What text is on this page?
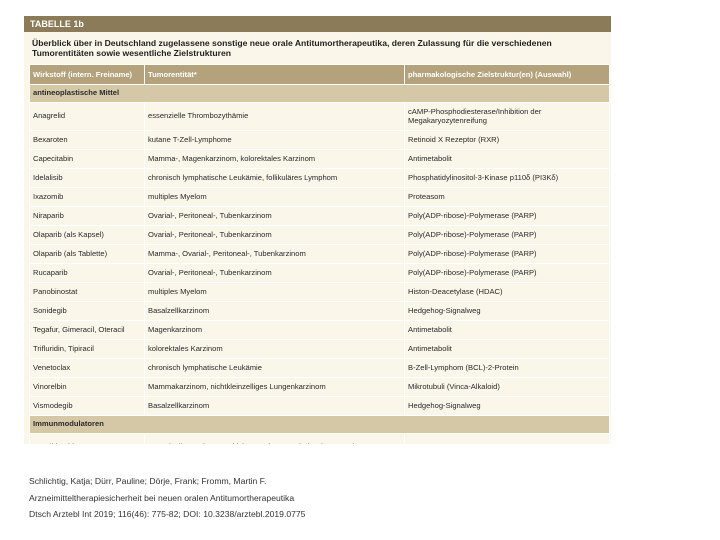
TABELLE 1b
Überblick über in Deutschland zugelassene sonstige neue orale Antitumortherapeutika, deren Zulassung für die verschiedenen Tumorentitäten sowie wesentliche Zielstrukturen
Wirkstoff (intern. Freiname)	Tumorentität*	pharmakologische Zielstruktur(en) (Auswahl)
antineoplastische Mittel		
Anagrelid	essenzielle Thrombozythämie	cAMP-Phosphodiesterase/Inhibition der Megakaryozytenreifung
Bexaroten	kutane T-Zell-Lymphome	Retinoid X Rezeptor (RXR)
Capecitabin	Mamma-, Magenkarzinom, kolorektales Karzinom	Antimetabolit
Idelalisib	chronisch lymphatische Leukämie, follikuläres Lymphom	Phosphatidylinositol-3-Kinase p110δ (PI3Kδ)
Ixazomib	multiples Myelom	Proteasom
Niraparib	Ovarial-, Peritoneal-, Tubenkarzinom	Poly(ADP-ribose)-Polymerase (PARP)
Olaparib (als Kapsel)	Ovarial-, Peritoneal-, Tubenkarzinom	Poly(ADP-ribose)-Polymerase (PARP)
Olaparib (als Tablette)	Mamma-, Ovarial-, Peritoneal-, Tubenkarzinom	Poly(ADP-ribose)-Polymerase (PARP)
Rucaparib	Ovarial-, Peritoneal-, Tubenkarzinom	Poly(ADP-ribose)-Polymerase (PARP)
Panobinostat	multiples Myelom	Histon-Deacetylase (HDAC)
Sonidegib	Basalzellkarzinom	Hedgehog-Signalweg
Tegafur, Gimeracil, Oteracil	Magenkarzinom	Antimetabolit
Trifluridin, Tipiracil	kolorektales Karzinom	Antimetabolit
Venetoclax	chronisch lymphatische Leukämie	B-Zell-Lymphom (BCL)-2-Protein
Vinorelbin	Mammakarzinom, nichtkleinzelliges Lungenkarzinom	Mikrotubuli (Vinca-Alkaloid)
Vismodegib	Basalzellkarzinom	Hedgehog-Signalweg
Immunmodulatoren		

Schlichtig, Katja; Dürr, Pauline; Dörje, Frank; Fromm, Martin F.
Arzneimitteltherapiesicherheit bei neuen oralen Antitumortherapeutika
Dtsch Arztebl Int 2019; 116(46): 775-82; DOI: 10.3238/arztebl.2019.0775
